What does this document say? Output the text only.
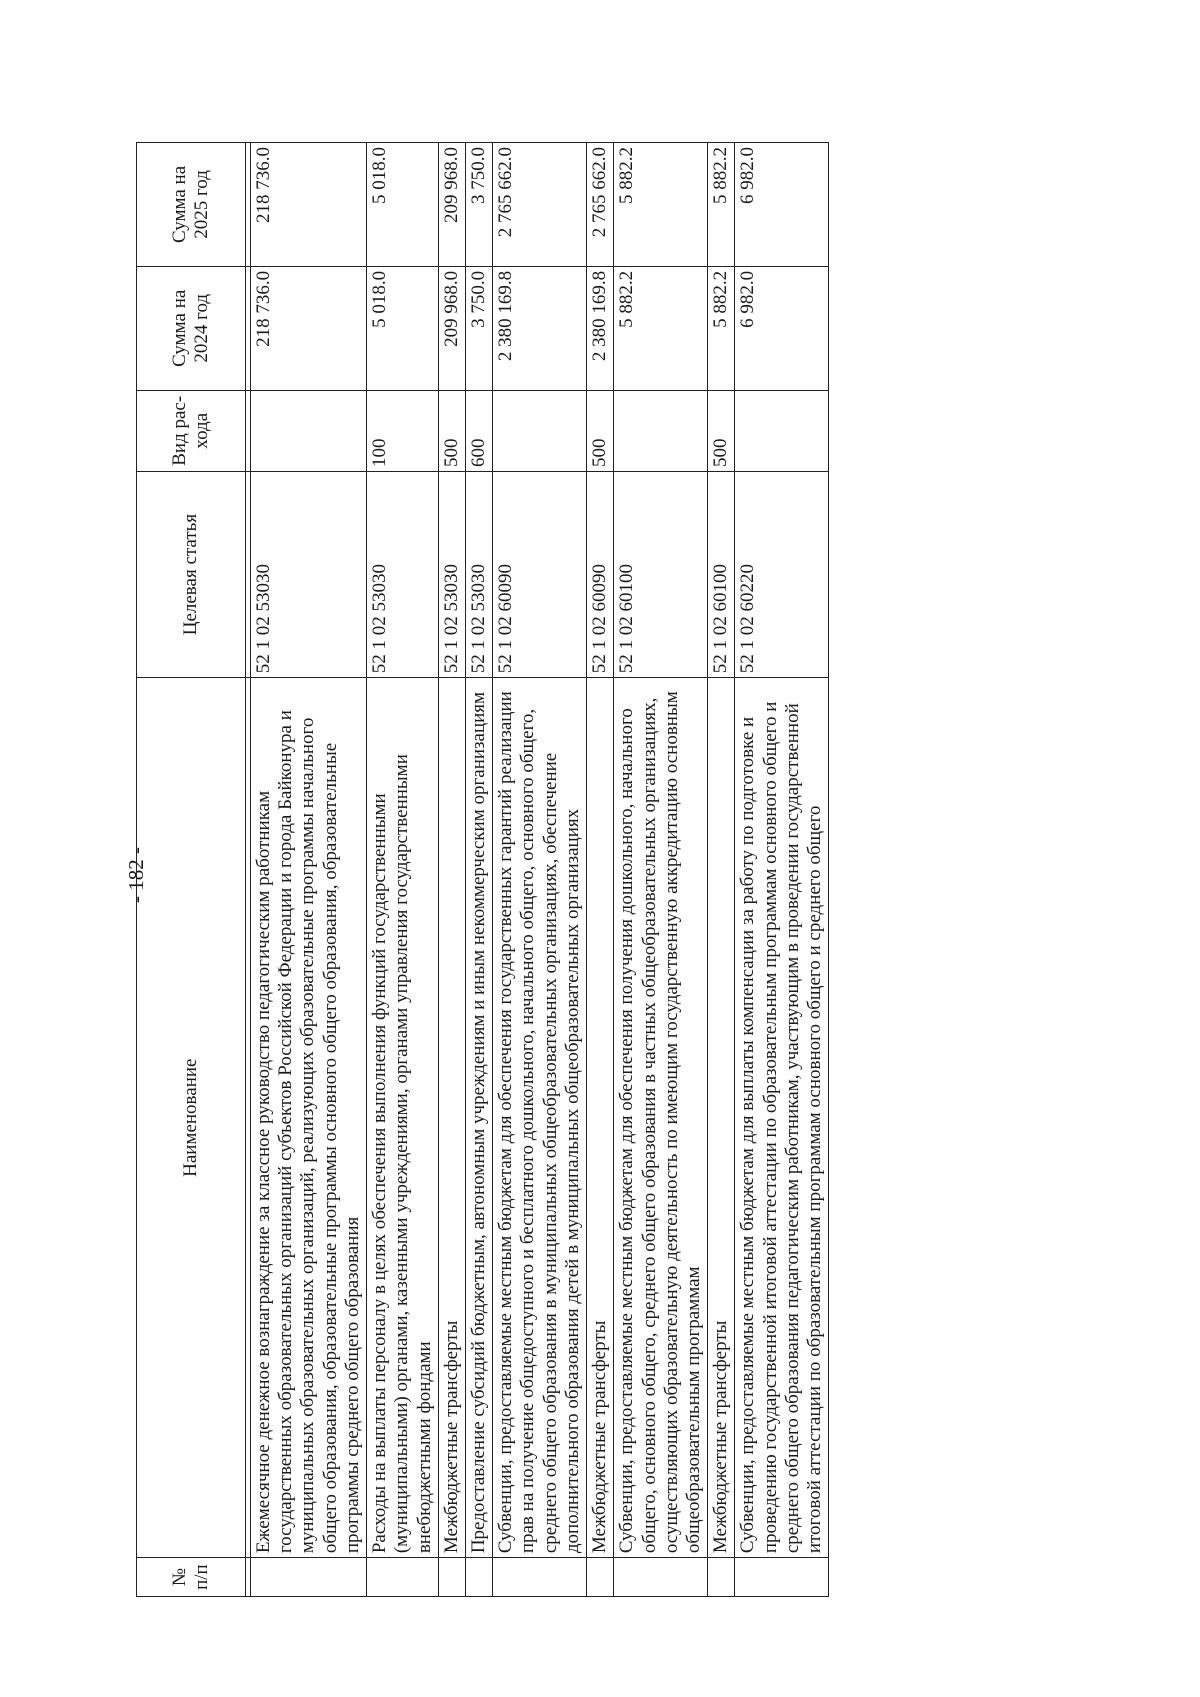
- 182 -
№ п/п	Наименование	Целевая статья	Вид рас-хода	Сумма на 2024 год	Сумма на 2025 год

	Ежемесячное денежное вознаграждение за классное руководство педагогическим работникам государственных образовательных организаций субъектов Российской Федерации и города Байконура и муниципальных образовательных организаций, реализующих образовательные программы начального общего образования, образовательные программы основного общего образования, образовательные программы среднего общего образования	52 1 02 53030		218 736.0	218 736.0
	Расходы на выплаты персоналу в целях обеспечения выполнения функций государственными (муниципальными) органами, казенными учреждениями, органами управления государственными внебюджетными фондами	52 1 02 53030	100	5 018.0	5 018.0
	Межбюджетные трансферты	52 1 02 53030	500	209 968.0	209 968.0
	Предоставление субсидий бюджетным, автономным учреждениям и иным некоммерческим организациям	52 1 02 53030	600	3 750.0	3 750.0
	Субвенции, предоставляемые местным бюджетам для обеспечения государственных гарантий реализации прав на получение общедоступного и бесплатного дошкольного, начального общего, основного общего, среднего общего образования в муниципальных общеобразовательных организациях, обеспечение дополнительного образования детей в муниципальных общеобразовательных организациях	52 1 02 60090		2 380 169.8	2 765 662.0
	Межбюджетные трансферты	52 1 02 60090	500	2 380 169.8	2 765 662.0
	Субвенции, предоставляемые местным бюджетам для обеспечения получения дошкольного, начального общего, основного общего, среднего общего образования в частных общеобразовательных организациях, осуществляющих образовательную деятельность по имеющим государственную аккредитацию основным общеобразовательным программам	52 1 02 60100		5 882.2	5 882.2
	Межбюджетные трансферты	52 1 02 60100	500	5 882.2	5 882.2
	Субвенции, предоставляемые местным бюджетам для выплаты компенсации за работу по подготовке и проведению государственной итоговой аттестации по образовательным программам основного общего и среднего общего образования педагогическим работникам, участвующим в проведении государственной итоговой аттестации по образовательным программам основного общего и среднего общего	52 1 02 60220		6 982.0	6 982.0
